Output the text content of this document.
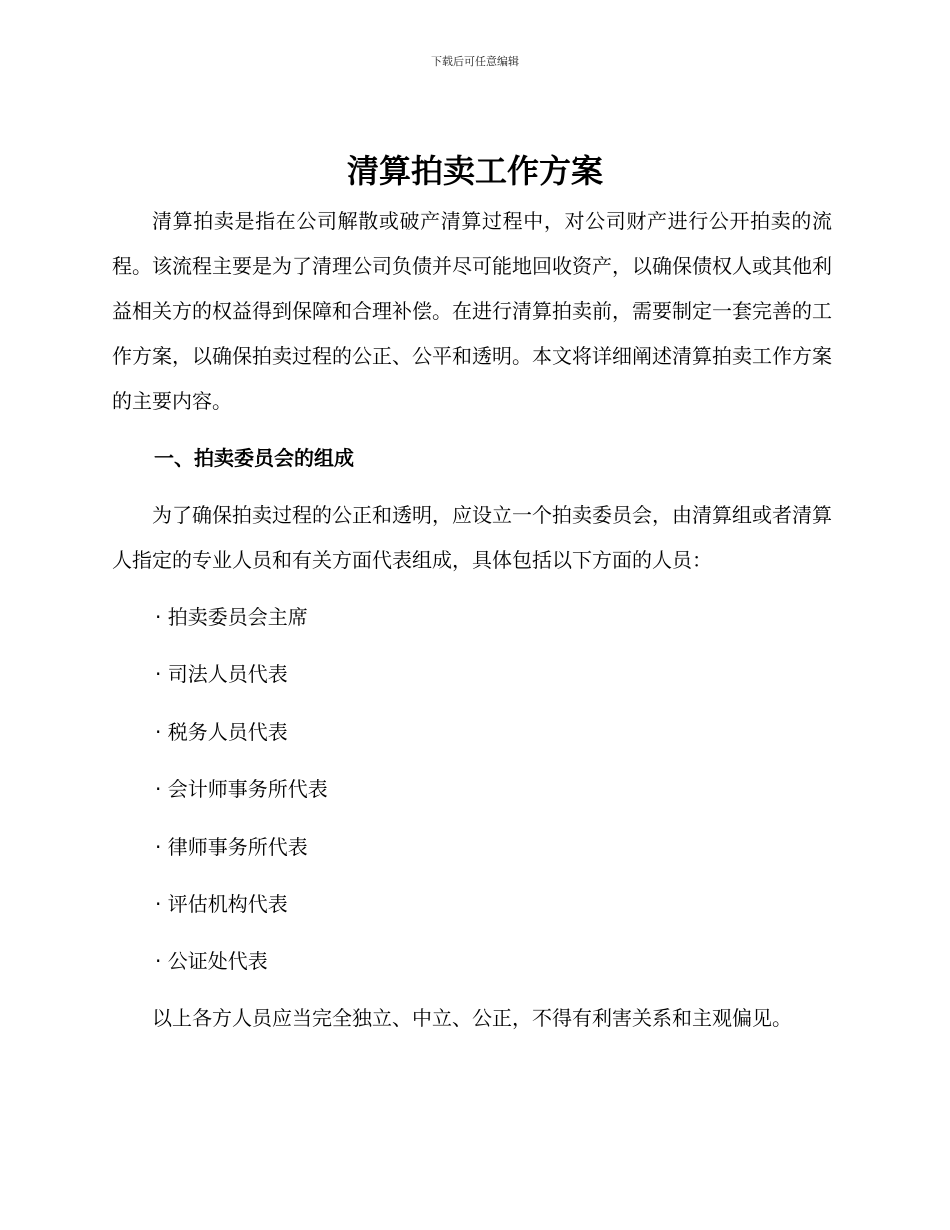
下载后可任意编辑
清算拍卖工作方案

清算拍卖是指在公司解散或破产清算过程中，对公司财产进行公开拍卖的流程。该流程主要是为了清理公司负债并尽可能地回收资产，以确保债权人或其他利益相关方的权益得到保障和合理补偿。在进行清算拍卖前，需要制定一套完善的工作方案，以确保拍卖过程的公正、公平和透明。本文将详细阐述清算拍卖工作方案的主要内容。

一、拍卖委员会的组成

为了确保拍卖过程的公正和透明，应设立一个拍卖委员会，由清算组或者清算人指定的专业人员和有关方面代表组成，具体包括以下方面的人员：

· 拍卖委员会主席
· 司法人员代表
· 税务人员代表
· 会计师事务所代表
· 律师事务所代表
· 评估机构代表
· 公证处代表

以上各方人员应当完全独立、中立、公正，不得有利害关系和主观偏见。
